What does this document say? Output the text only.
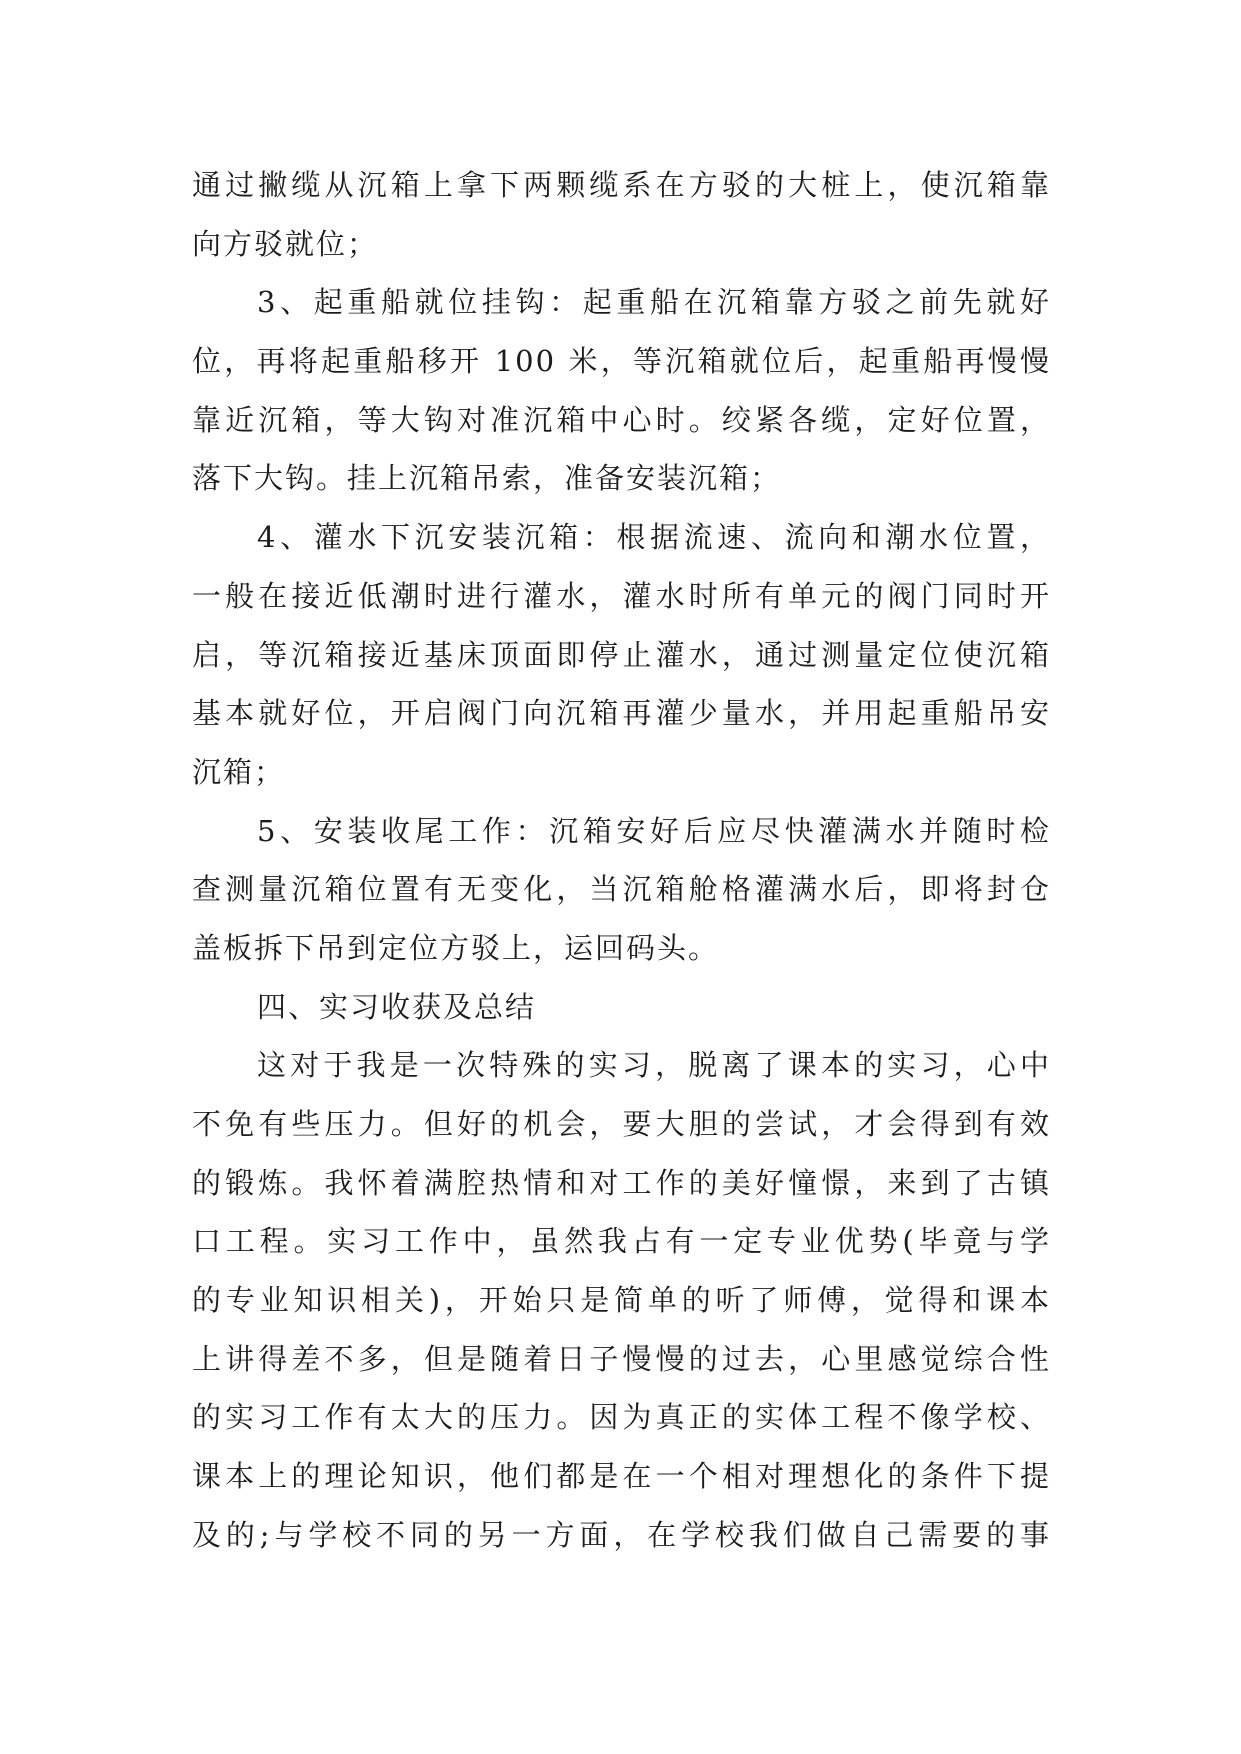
通过撇缆从沉箱上拿下两颗缆系在方驳的大桩上，使沉箱靠
向方驳就位；
3、起重船就位挂钩：起重船在沉箱靠方驳之前先就好
位，再将起重船移开 100 米，等沉箱就位后，起重船再慢慢
靠近沉箱，等大钩对准沉箱中心时。绞紧各缆，定好位置，
落下大钩。挂上沉箱吊索，准备安装沉箱；
4、灌水下沉安装沉箱：根据流速、流向和潮水位置，
一般在接近低潮时进行灌水，灌水时所有单元的阀门同时开
启，等沉箱接近基床顶面即停止灌水，通过测量定位使沉箱
基本就好位，开启阀门向沉箱再灌少量水，并用起重船吊安
沉箱；
5、安装收尾工作：沉箱安好后应尽快灌满水并随时检
查测量沉箱位置有无变化，当沉箱舱格灌满水后，即将封仓
盖板拆下吊到定位方驳上，运回码头。
四、实习收获及总结
这对于我是一次特殊的实习，脱离了课本的实习，心中
不免有些压力。但好的机会，要大胆的尝试，才会得到有效
的锻炼。我怀着满腔热情和对工作的美好憧憬，来到了古镇
口工程。实习工作中，虽然我占有一定专业优势(毕竟与学
的专业知识相关)，开始只是简单的听了师傅，觉得和课本
上讲得差不多，但是随着日子慢慢的过去，心里感觉综合性
的实习工作有太大的压力。因为真正的实体工程不像学校、
课本上的理论知识，他们都是在一个相对理想化的条件下提
及的;与学校不同的另一方面，在学校我们做自己需要的事
